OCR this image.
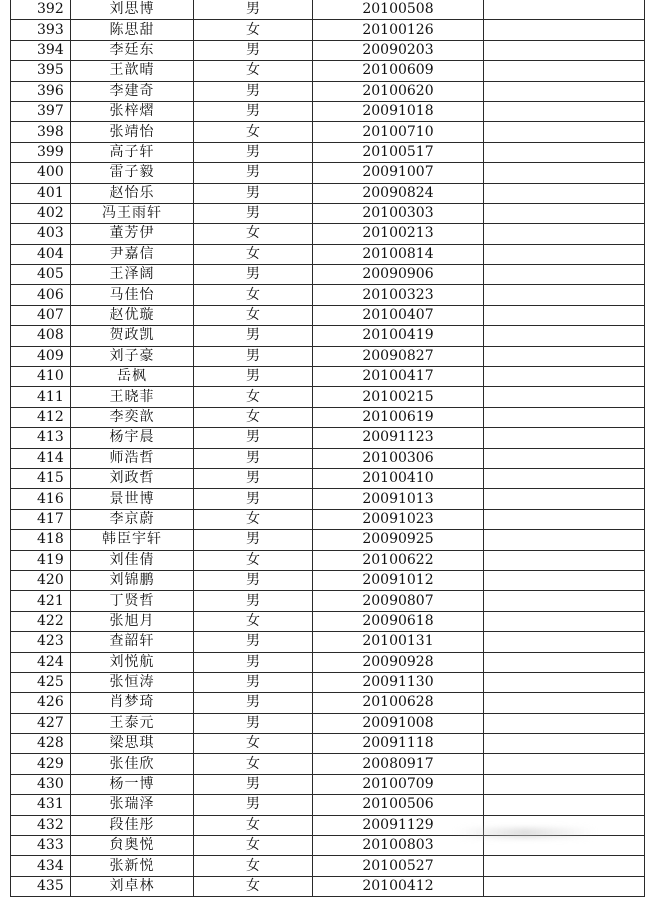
392	刘思博	男	20100508	
393	陈思甜	女	20100126	
394	李廷东	男	20090203	
395	王歆晴	女	20100609	
396	李建奇	男	20100620	
397	张梓熠	男	20091018	
398	张靖怡	女	20100710	
399	高子轩	男	20100517	
400	雷子毅	男	20091007	
401	赵怡乐	男	20090824	
402	冯王雨轩	男	20100303	
403	董芳伊	女	20100213	
404	尹嘉信	女	20100814	
405	王泽阔	男	20090906	
406	马佳怡	女	20100323	
407	赵优璇	女	20100407	
408	贺政凯	男	20100419	
409	刘子豪	男	20090827	
410	岳枫	男	20100417	
411	王晓菲	女	20100215	
412	李奕歆	女	20100619	
413	杨宇晨	男	20091123	
414	师浩哲	男	20100306	
415	刘政哲	男	20100410	
416	景世博	男	20091013	
417	李京蔚	女	20091023	
418	韩臣宇轩	男	20090925	
419	刘佳倩	女	20100622	
420	刘锦鹏	男	20091012	
421	丁贤哲	男	20090807	
422	张旭月	女	20090618	
423	查韶轩	男	20100131	
424	刘悦航	男	20090928	
425	张恒涛	男	20091130	
426	肖梦琦	男	20100628	
427	王泰元	男	20091008	
428	梁思琪	女	20091118	
429	张佳欣	女	20080917	
430	杨一博	男	20100709	
431	张瑞泽	男	20100506	
432	段佳彤	女	20091129	
433	贠奥悦	女	20100803	
434	张新悦	女	20100527	
435	刘卓林	女	20100412	
